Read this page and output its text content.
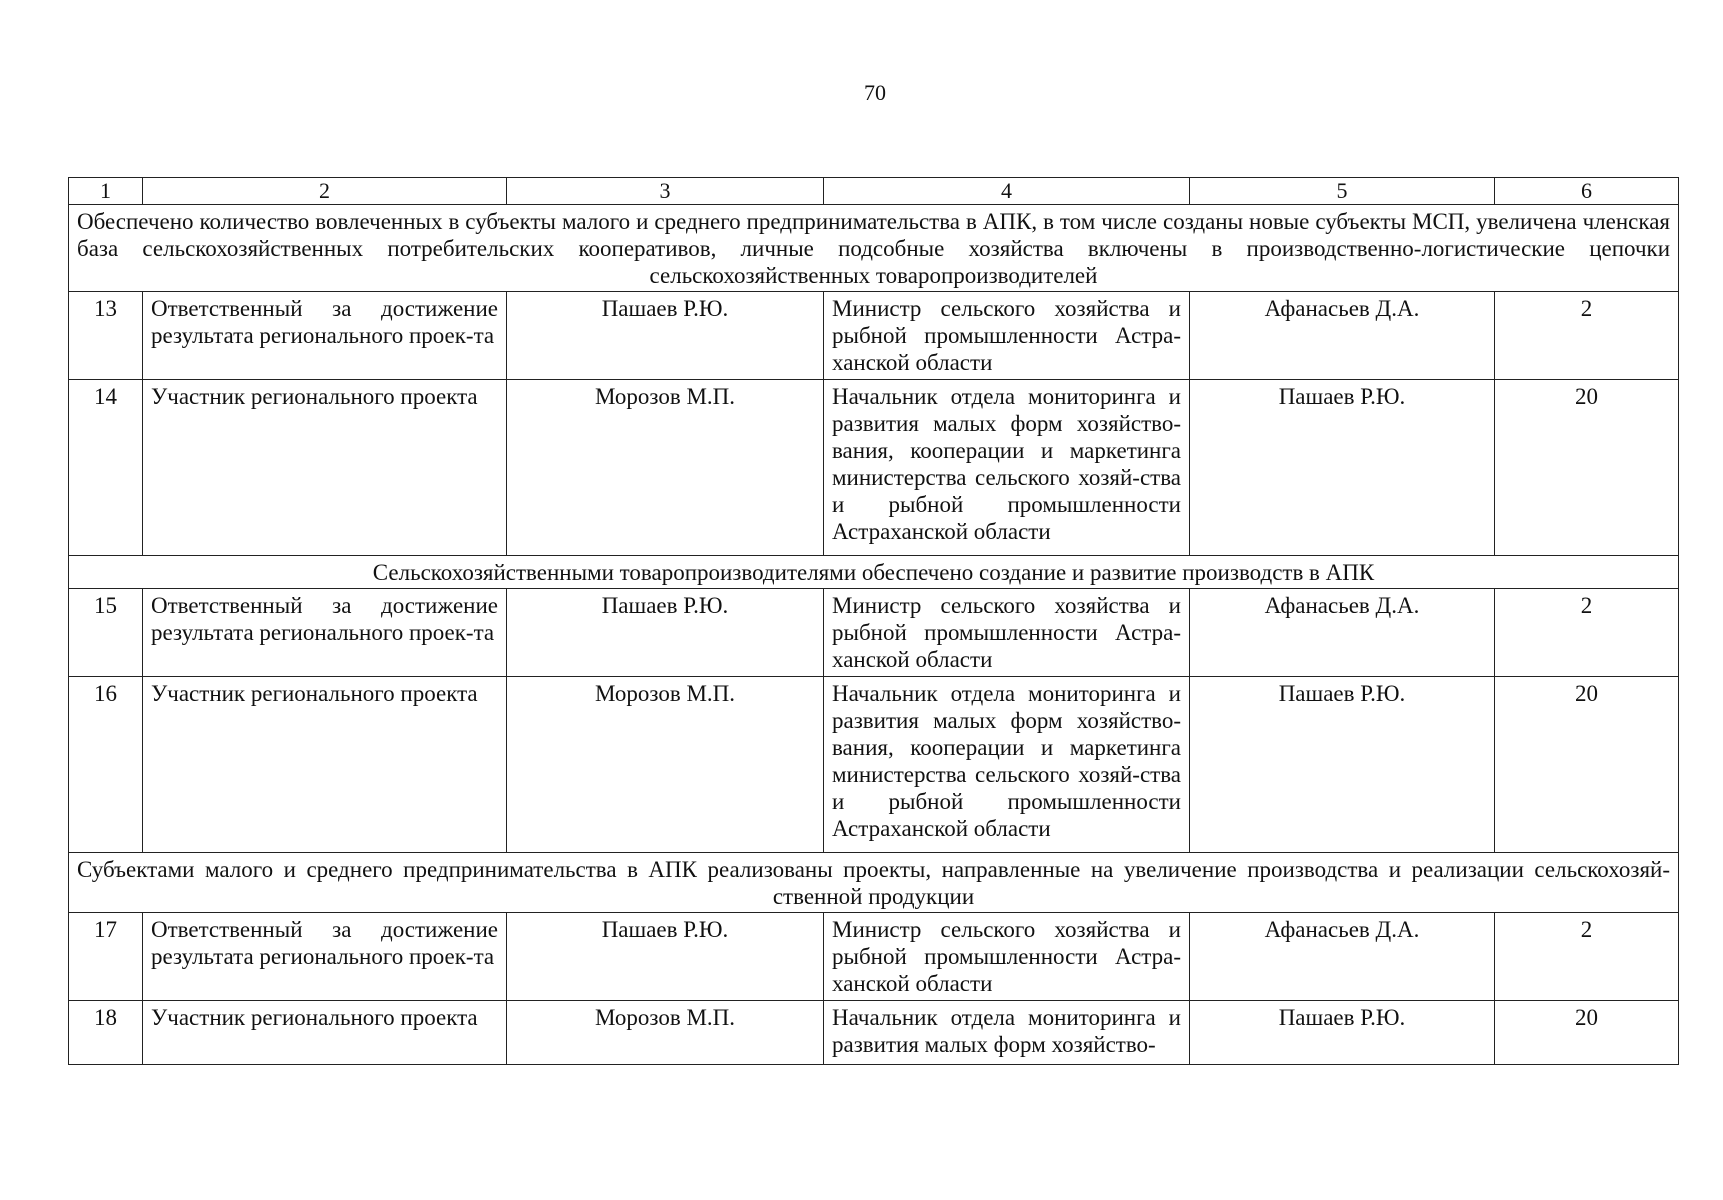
70
1	2	3	4	5	6
Обеспечено количество вовлеченных в субъекты малого и среднего предпринимательства в АПК, в том числе созданы новые субъекты МСП, увеличена членская база сельскохозяйственных потребительских кооперативов, личные подсобные хозяйства включены в производственно-логистические цепочки сельскохозяйственных товаропроизводителей					
13	Ответственный за достижение результата регионального проек-та	Пашаев Р.Ю.	Министр сельского хозяйства и рыбной промышленности Астра-ханской области	Афанасьев Д.А.	2
14	Участник регионального проекта	Морозов М.П.	Начальник отдела мониторинга и развития малых форм хозяйство-вания, кооперации и маркетинга министерства сельского хозяй-ства и рыбной промышленности Астраханской области	Пашаев Р.Ю.	20
Сельскохозяйственными товаропроизводителями обеспечено создание и развитие производств в АПК					
15	Ответственный за достижение результата регионального проек-та	Пашаев Р.Ю.	Министр сельского хозяйства и рыбной промышленности Астра-ханской области	Афанасьев Д.А.	2
16	Участник регионального проекта	Морозов М.П.	Начальник отдела мониторинга и развития малых форм хозяйство-вания, кооперации и маркетинга министерства сельского хозяй-ства и рыбной промышленности Астраханской области	Пашаев Р.Ю.	20
Субъектами малого и среднего предпринимательства в АПК реализованы проекты, направленные на увеличение производства и реализации сельскохозяй-ственной продукции					
17	Ответственный за достижение результата регионального проек-та	Пашаев Р.Ю.	Министр сельского хозяйства и рыбной промышленности Астра-ханской области	Афанасьев Д.А.	2
18	Участник регионального проекта	Морозов М.П.	Начальник отдела мониторинга и развития малых форм хозяйство-	Пашаев Р.Ю.	20
